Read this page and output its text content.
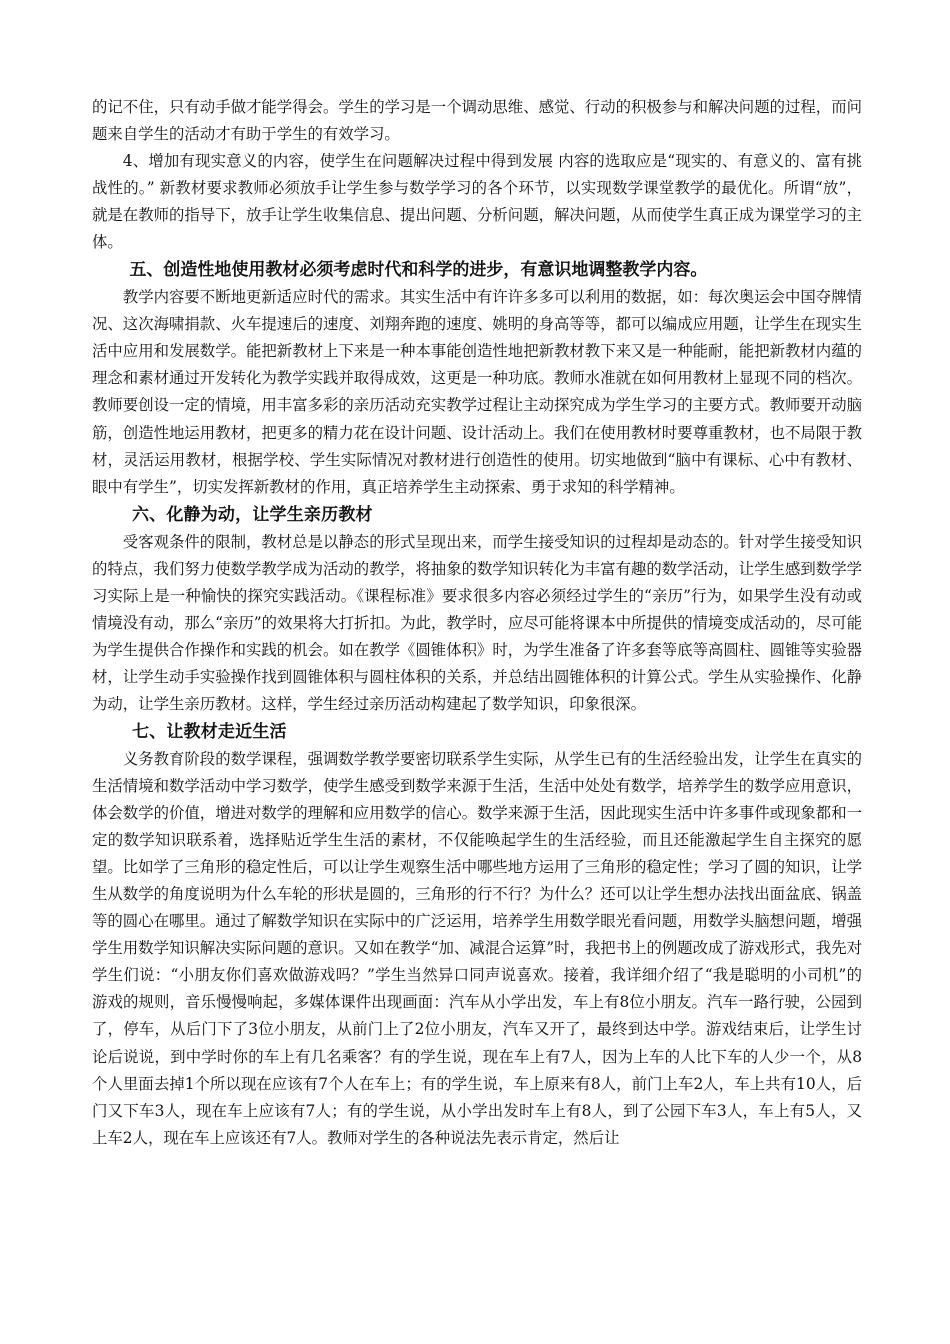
的记不住，只有动手做才能学得会。学生的学习是一个调动思维、感觉、行动的积极参与和解决问题的过程，而问题来自学生的活动才有助于学生的有效学习。

4、增加有现实意义的内容，使学生在问题解决过程中得到发展 内容的选取应是“现实的、有意义的、富有挑战性的。” 新教材要求教师必须放手让学生参与数学学习的各个环节，以实现数学课堂教学的最优化。所谓“放”，就是在教师的指导下，放手让学生收集信息、提出问题、分析问题，解决问题，从而使学生真正成为课堂学习的主体。

五、创造性地使用教材必须考虑时代和科学的进步，有意识地调整教学内容。

教学内容要不断地更新适应时代的需求。其实生活中有许许多多可以利用的数据，如：每次奥运会中国夺牌情况、这次海啸捐款、火车提速后的速度、刘翔奔跑的速度、姚明的身高等等，都可以编成应用题，让学生在现实生活中应用和发展数学。能把新教材上下来是一种本事能创造性地把新教材教下来又是一种能耐，能把新教材内蕴的理念和素材通过开发转化为教学实践并取得成效，这更是一种功底。教师水准就在如何用教材上显现不同的档次。教师要创设一定的情境，用丰富多彩的亲历活动充实教学过程让主动探究成为学生学习的主要方式。教师要开动脑筋，创造性地运用教材，把更多的精力花在设计问题、设计活动上。我们在使用教材时要尊重教材，也不局限于教材，灵活运用教材，根据学校、学生实际情况对教材进行创造性的使用。切实地做到“脑中有课标、心中有教材、眼中有学生”，切实发挥新教材的作用，真正培养学生主动探索、勇于求知的科学精神。

六、化静为动，让学生亲历教材

受客观条件的限制，教材总是以静态的形式呈现出来，而学生接受知识的过程却是动态的。针对学生接受知识的特点，我们努力使数学教学成为活动的教学，将抽象的数学知识转化为丰富有趣的数学活动，让学生感到数学学习实际上是一种愉快的探究实践活动。《课程标准》要求很多内容必须经过学生的“亲历”行为，如果学生没有动或情境没有动，那么“亲历”的效果将大打折扣。为此，教学时，应尽可能将课本中所提供的情境变成活动的，尽可能为学生提供合作操作和实践的机会。如在教学《圆锥体积》时，为学生准备了许多套等底等高圆柱、圆锥等实验器材，让学生动手实验操作找到圆锥体积与圆柱体积的关系，并总结出圆锥体积的计算公式。学生从实验操作、化静为动，让学生亲历教材。这样，学生经过亲历活动构建起了数学知识，印象很深。

七、让教材走近生活

义务教育阶段的数学课程，强调数学教学要密切联系学生实际，从学生已有的生活经验出发，让学生在真实的生活情境和数学活动中学习数学，使学生感受到数学来源于生活，生活中处处有数学，培养学生的数学应用意识，体会数学的价值，增进对数学的理解和应用数学的信心。数学来源于生活，因此现实生活中许多事件或现象都和一定的数学知识联系着，选择贴近学生生活的素材，不仅能唤起学生的生活经验，而且还能激起学生自主探究的愿望。比如学了三角形的稳定性后，可以让学生观察生活中哪些地方运用了三角形的稳定性；学习了圆的知识，让学生从数学的角度说明为什么车轮的形状是圆的，三角形的行不行？为什么？还可以让学生想办法找出面盆底、锅盖等的圆心在哪里。通过了解数学知识在实际中的广泛运用，培养学生用数学眼光看问题，用数学头脑想问题，增强学生用数学知识解决实际问题的意识。又如在教学“加、减混合运算”时，我把书上的例题改成了游戏形式，我先对学生们说：“小朋友你们喜欢做游戏吗？”学生当然异口同声说喜欢。接着，我详细介绍了“我是聪明的小司机”的游戏的规则，音乐慢慢响起，多媒体课件出现画面：汽车从小学出发，车上有8位小朋友。汽车一路行驶，公园到了，停车，从后门下了3位小朋友，从前门上了2位小朋友，汽车又开了，最终到达中学。游戏结束后，让学生讨论后说说，到中学时你的车上有几名乘客？有的学生说，现在车上有7人，因为上车的人比下车的人少一个，从8个人里面去掉1个所以现在应该有7个人在车上；有的学生说，车上原来有8人，前门上车2人，车上共有10人，后门又下车3人，现在车上应该有7人；有的学生说，从小学出发时车上有8人，到了公园下车3人，车上有5人，又上车2人，现在车上应该还有7人。教师对学生的各种说法先表示肯定，然后让
